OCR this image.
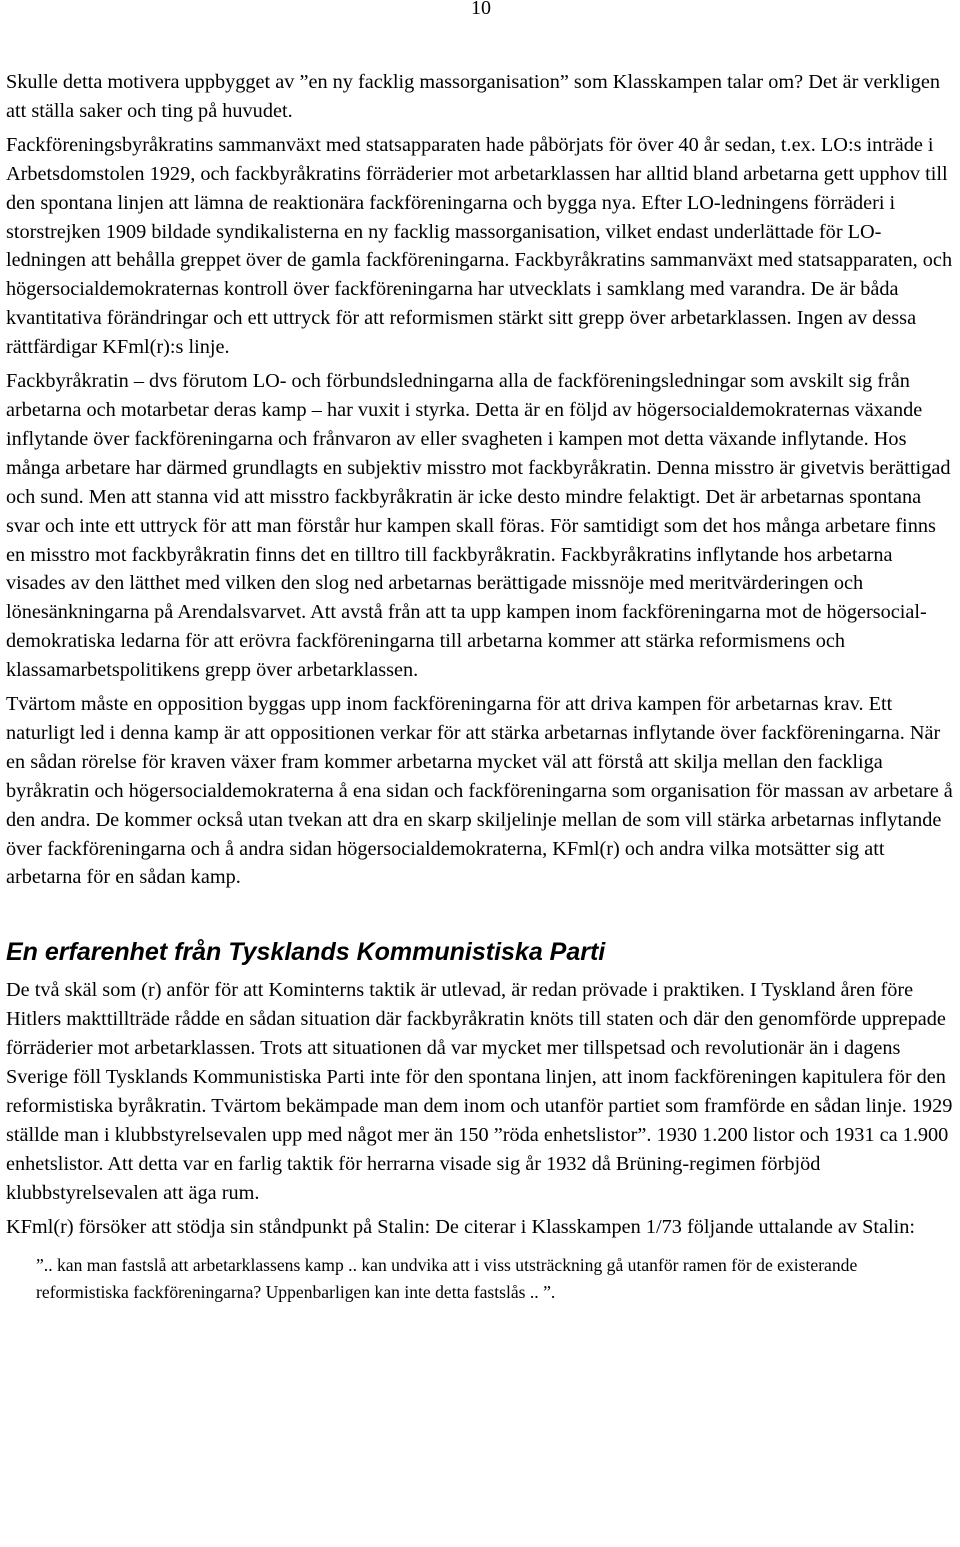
10

Skulle detta motivera uppbygget av ”en ny facklig massorganisation” som Klasskampen talar om? Det är verkligen att ställa saker och ting på huvudet.

Fackföreningsbyråkratins sammanväxt med statsapparaten hade påbörjats för över 40 år sedan, t.ex. LO:s inträde i Arbetsdomstolen 1929, och fackbyråkratins förräderier mot arbetarklassen har alltid bland arbetarna gett upphov till den spontana linjen att lämna de reaktionära fackföreningarna och bygga nya. Efter LO-ledningens förräderi i storstrejken 1909 bildade syndikalisterna en ny facklig massorganisation, vilket endast underlättade för LO-ledningen att behålla greppet över de gamla fackföreningarna. Fackbyråkratins sammanväxt med statsapparaten, och högersocialdemokraternas kontroll över fackföreningarna har utvecklats i samklang med varandra. De är båda kvantitativa förändringar och ett uttryck för att reformismen stärkt sitt grepp över arbetarklassen. Ingen av dessa rättfärdigar KFml(r):s linje.

Fackbyråkratin – dvs förutom LO- och förbundsledningarna alla de fackföreningsledningar som avskilt sig från arbetarna och motarbetar deras kamp – har vuxit i styrka. Detta är en följd av högersocialdemokraternas växande inflytande över fackföreningarna och frånvaron av eller svagheten i kampen mot detta växande inflytande. Hos många arbetare har därmed grundlagts en subjektiv misstro mot fackbyråkratin. Denna misstro är givetvis berättigad och sund. Men att stanna vid att misstro fackbyråkratin är icke desto mindre felaktigt. Det är arbetarnas spontana svar och inte ett uttryck för att man förstår hur kampen skall föras. För samtidigt som det hos många arbetare finns en misstro mot fackbyråkratin finns det en tilltro till fackbyråkratin. Fackbyråkratins inflytande hos arbetarna visades av den lätthet med vilken den slog ned arbetarnas berättigade missnöje med meritvärderingen och lönesänkningarna på Arendalsvarvet. Att avstå från att ta upp kampen inom fackföreningarna mot de högersocialdemokratiska ledarna för att erövra fackföreningarna till arbetarna kommer att stärka reformismens och klassamarbetspolitikens grepp över arbetarklassen.

Tvärtom måste en opposition byggas upp inom fackföreningarna för att driva kampen för arbetarnas krav. Ett naturligt led i denna kamp är att oppositionen verkar för att stärka arbetarnas inflytande över fackföreningarna. När en sådan rörelse för kraven växer fram kommer arbetarna mycket väl att förstå att skilja mellan den fackliga byråkratin och högersocialdemokraterna å ena sidan och fackföreningarna som organisation för massan av arbetare å den andra. De kommer också utan tvekan att dra en skarp skiljelinje mellan de som vill stärka arbetarnas inflytande över fackföreningarna och å andra sidan högersocialdemokraterna, KFml(r) och andra vilka motsätter sig att arbetarna för en sådan kamp.

En erfarenhet från Tysklands Kommunistiska Parti

De två skäl som (r) anför för att Kominterns taktik är utlevad, är redan prövade i praktiken. I Tyskland åren före Hitlers makttillträde rådde en sådan situation där fackbyråkratin knöts till staten och där den genomförde upprepade förräderier mot arbetarklassen. Trots att situationen då var mycket mer tillspetsad och revolutionär än i dagens Sverige föll Tysklands Kommunistiska Parti inte för den spontana linjen, att inom fackföreningen kapitulera för den reformistiska byråkratin. Tvärtom bekämpade man dem inom och utanför partiet som framförde en sådan linje. 1929 ställde man i klubbstyrelsevalen upp med något mer än 150 ”röda enhetslistor”. 1930 1.200 listor och 1931 ca 1.900 enhetslistor. Att detta var en farlig taktik för herrarna visade sig år 1932 då Brüning-regimen förbjöd klubbstyrelsevalen att äga rum.

KFml(r) försöker att stödja sin ståndpunkt på Stalin: De citerar i Klasskampen 1/73 följande uttalande av Stalin:

”.. kan man fastslå att arbetarklassens kamp .. kan undvika att i viss utsträckning gå utanför ramen för de existerande reformistiska fackföreningarna? Uppenbarligen kan inte detta fastslås .. ”.
